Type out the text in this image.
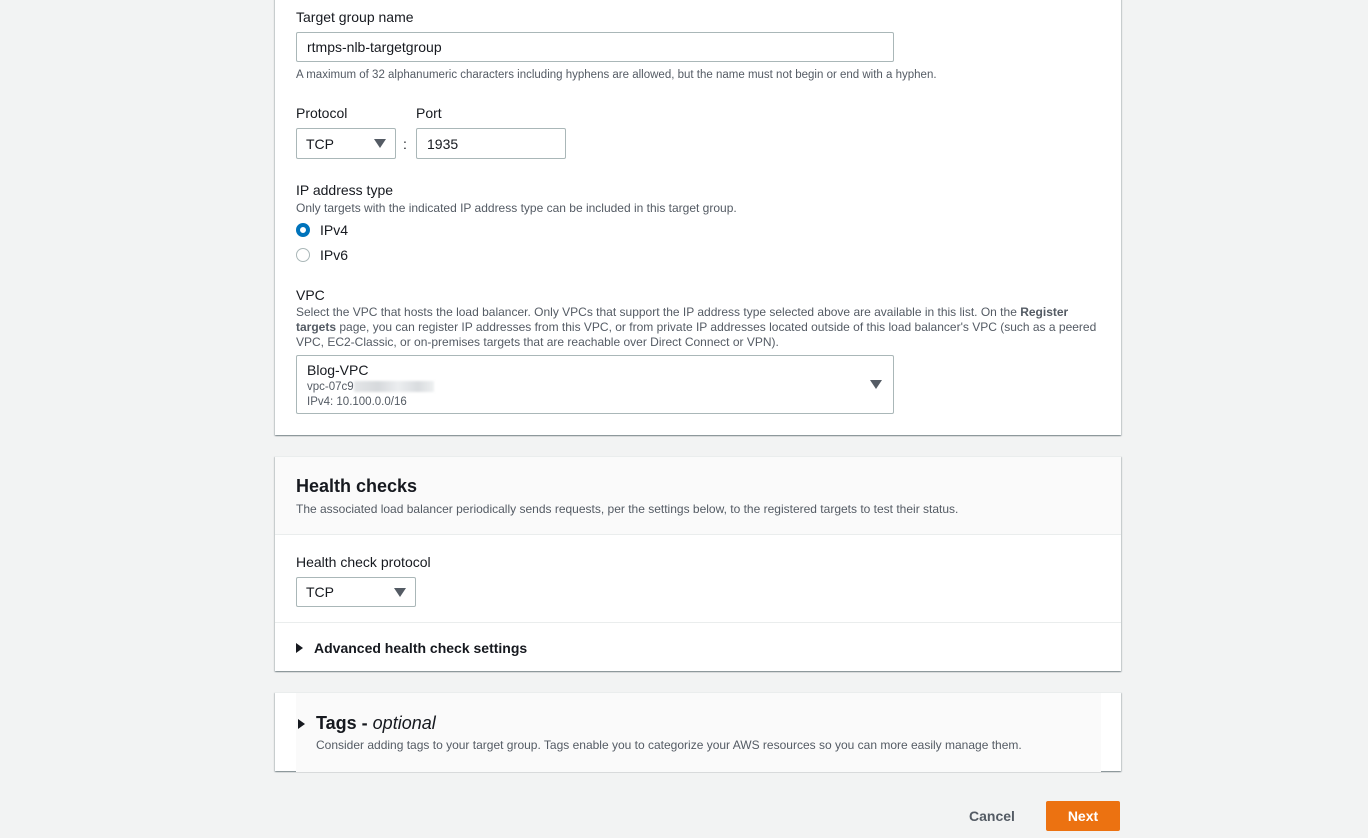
Target group name
rtmps-nlb-targetgroup
A maximum of 32 alphanumeric characters including hyphens are allowed, but the name must not begin or end with a hyphen.
Protocol
TCP	:
Port
1935
IP address type
Only targets with the indicated IP address type can be included in this target group.
IPv4
IPv6
VPC
Select the VPC that hosts the load balancer. Only VPCs that support the IP address type selected above are available in this list. On the Register targets page, you can register IP addresses from this VPC, or from private IP addresses located outside of this load balancer's VPC (such as a peered VPC, EC2-Classic, or on-premises targets that are reachable over Direct Connect or VPN).
Blog-VPC
vpc-07c9
IPv4: 10.100.0.0/16
Health checks
The associated load balancer periodically sends requests, per the settings below, to the registered targets to test their status.
Health check protocol
TCP
Advanced health check settings
Tags - optional
Consider adding tags to your target group. Tags enable you to categorize your AWS resources so you can more easily manage them.
Cancel	Next
